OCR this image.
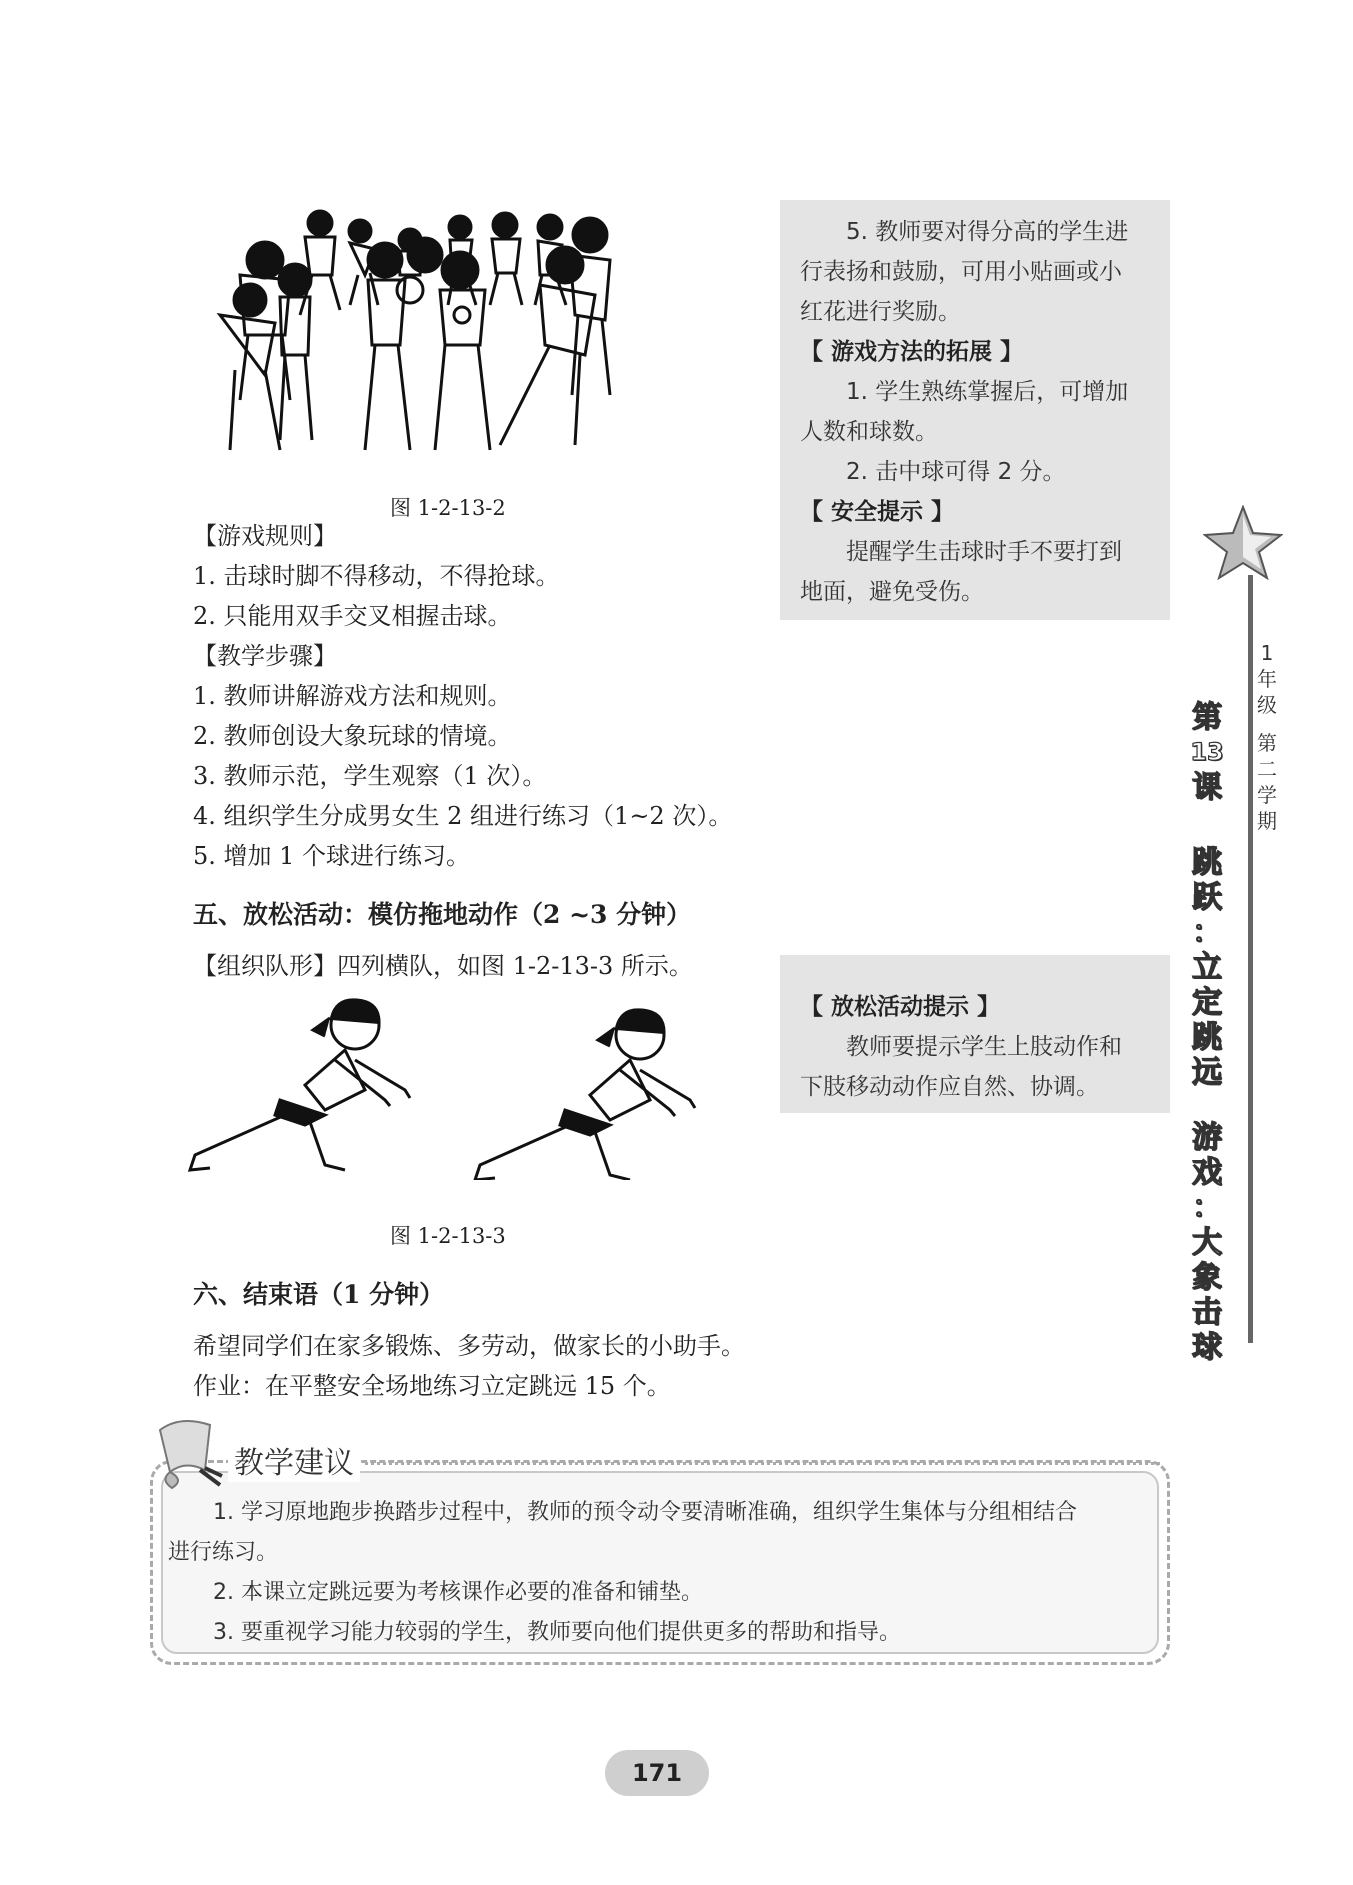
图 1-2-13-2
【游戏规则】
1. 击球时脚不得移动，不得抢球。
2. 只能用双手交叉相握击球。
【教学步骤】
1. 教师讲解游戏方法和规则。
2. 教师创设大象玩球的情境。
3. 教师示范，学生观察（1 次）。
4. 组织学生分成男女生 2 组进行练习（1~2 次）。
5. 增加 1 个球进行练习。
五、放松活动：模仿拖地动作（2 ~3 分钟）
【组织队形】四列横队，如图 1-2-13-3 所示。
图 1-2-13-3
六、结束语（1 分钟）
希望同学们在家多锻炼、多劳动，做家长的小助手。
作业：在平整安全场地练习立定跳远 15 个。

5. 教师要对得分高的学生进

行表扬和鼓励，可用小贴画或小

红花进行奖励。

【 游戏方法的拓展 】

1. 学生熟练掌握后，可增加

人数和球数。

2. 击中球可得 2 分。

【 安全提示 】

提醒学生击球时手不要打到

地面，避免受伤。

【 放松活动提示 】

教师要提示学生上肢动作和

下肢移动动作应自然、协调。

1
年
级
第
二
学
期
第
13
课
跳
跃
：
立
定
跳
远
游
戏
：
大
象
击
球
教学建议
1. 学习原地跑步换踏步过程中，教师的预令动令要清晰准确，组织学生集体与分组相结合
进行练习。
2. 本课立定跳远要为考核课作必要的准备和铺垫。
3. 要重视学习能力较弱的学生，教师要向他们提供更多的帮助和指导。
171
